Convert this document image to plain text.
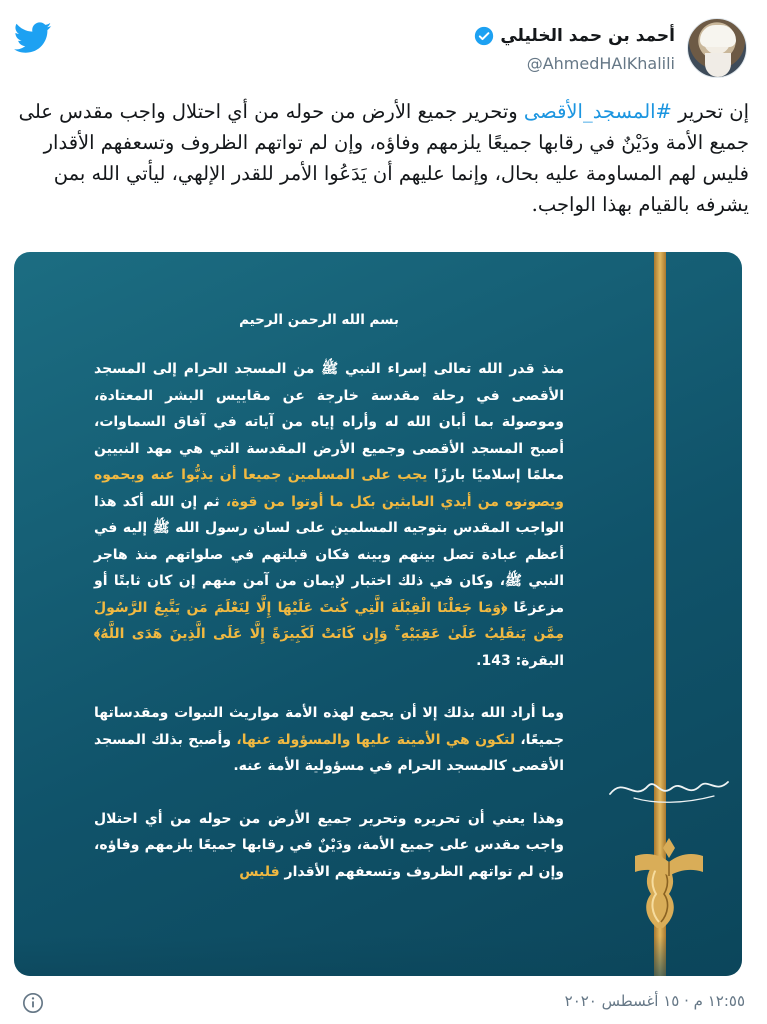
أحمد بن حمد الخليلي
@AhmedHAlKhalili
إن تحرير #المسجد_الأقصى وتحرير جميع الأرض من حوله من أي احتلال واجب مقدس على جميع الأمة ودَيْنٌ في رقابها جميعًا يلزمهم وفاؤه، وإن لم تواتهم الظروف وتسعفهم الأقدار فليس لهم المساومة عليه بحال، وإنما عليهم أن يَدَعُوا الأمر للقدر الإلهي، ليأتي الله بمن يشرفه بالقيام بهذا الواجب.
بسم الله الرحمن الرحيم

منذ قدر الله تعالى إسراء النبي ﷺ من المسجد الحرام إلى المسجد الأقصى في رحلة مقدسة خارجة عن مقاييس البشر المعتادة، وموصولة بما أبان الله له وأراه إياه من آياته في آفاق السماوات، أصبح المسجد الأقصى وجميع الأرض المقدسة التي هي مهد النبيين معلمًا إسلاميًا بارزًا يجب على المسلمين جميعا أن يذبُّوا عنه ويحموه ويصونوه من أيدي العابثين بكل ما أوتوا من قوة، ثم إن الله أكد هذا الواجب المقدس بتوجيه المسلمين على لسان رسول الله ﷺ إليه في أعظم عبادة تصل بينهم وبينه فكان قبلتهم في صلواتهم منذ هاجر النبي ﷺ، وكان في ذلك اختبار لإيمان من آمن منهم إن كان ثابتًا أو مزعزعًا ﴿وَمَا جَعَلْنَا الْقِبْلَةَ الَّتِي كُنتَ عَلَيْهَا إِلَّا لِنَعْلَمَ مَن يَتَّبِعُ الرَّسُولَ مِمَّن يَنقَلِبُ عَلَىٰ عَقِبَيْهِ ۚ وَإِن كَانَتْ لَكَبِيرَةً إِلَّا عَلَى الَّذِينَ هَدَى اللَّهُ﴾ البقرة: 143.

وما أراد الله بذلك إلا أن يجمع لهذه الأمة مواريث النبوات ومقدساتها جميعًا، لتكون هي الأمينة عليها والمسؤولة عنها، وأصبح بذلك المسجد الأقصى كالمسجد الحرام في مسؤولية الأمة عنه.

وهذا يعني أن تحريره وتحرير جميع الأرض من حوله من أي احتلال واجب مقدس على جميع الأمة، ودَيْنٌ في رقابها جميعًا يلزمهم وفاؤه، وإن لم تواتهم الظروف وتسعفهم الأقدار فليس

١٢:٥٥ م · ١٥ أغسطس ٢٠٢٠
